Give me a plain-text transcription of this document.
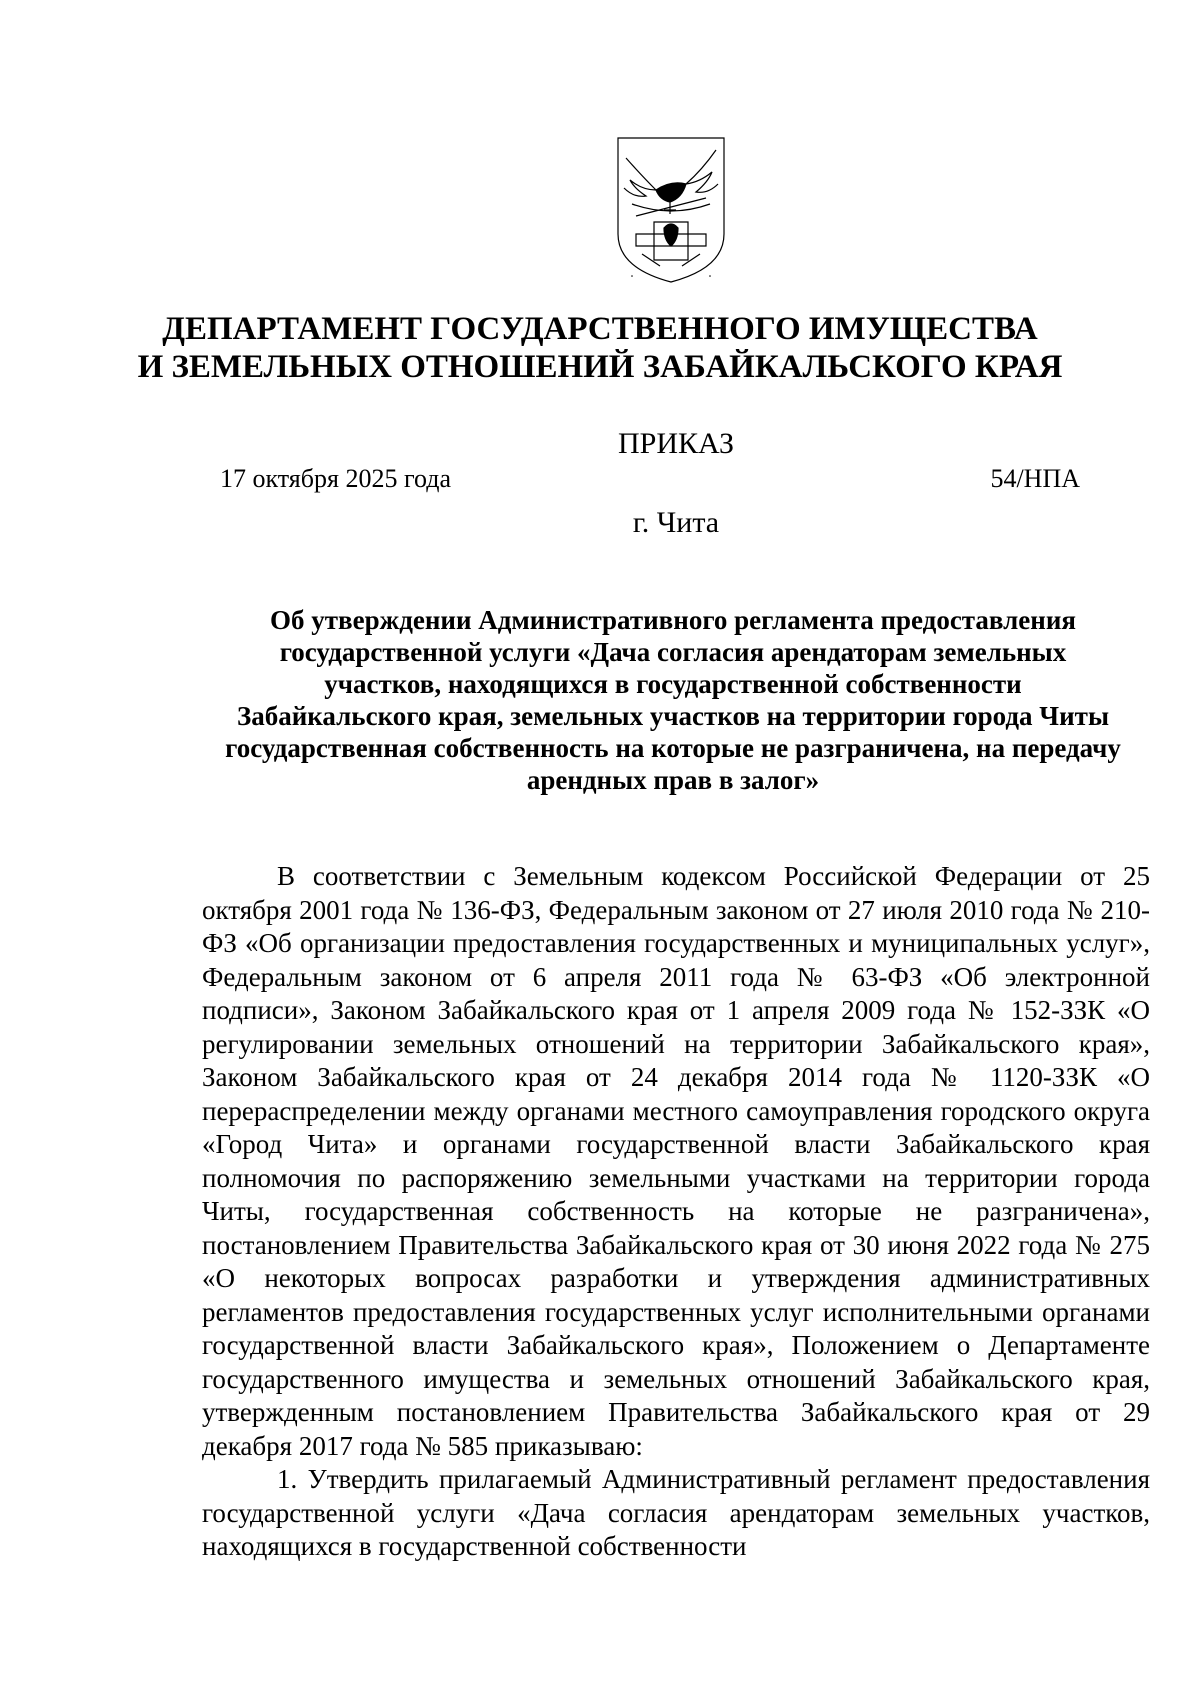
ДЕПАРТАМЕНТ ГОСУДАРСТВЕННОГО ИМУЩЕСТВА
И ЗЕМЕЛЬНЫХ ОТНОШЕНИЙ ЗАБАЙКАЛЬСКОГО КРАЯ
ПРИКАЗ
17 октября 2025 года	54/НПА
г. Чита
Об утверждении Административного регламента предоставления
государственной услуги «Дача согласия арендаторам земельных
участков, находящихся в государственной собственности
Забайкальского края, земельных участков на территории города Читы
государственная собственность на которые не разграничена, на передачу
арендных прав в залог»

В соответствии с Земельным кодексом Российской Федерации от 25 октября 2001 года № 136-ФЗ, Федеральным законом от 27 июля 2010 года № 210-ФЗ «Об организации предоставления государственных и муниципальных услуг», Федеральным законом от 6 апреля 2011 года № 63-ФЗ «Об электронной подписи», Законом Забайкальского края от 1 апреля 2009 года № 152-ЗЗК «О регулировании земельных отношений на территории Забайкальского края», Законом Забайкальского края от 24 декабря 2014 года № 1120-ЗЗК «О перераспределении между органами местного самоуправления городского округа «Город Чита» и органами государственной власти Забайкальского края полномочия по распоряжению земельными участками на территории города Читы, государственная собственность на которые не разграничена», постановлением Правительства Забайкальского края от 30 июня 2022 года № 275 «О некоторых вопросах разработки и утверждения административных регламентов предоставления государственных услуг исполнительными органами государственной власти Забайкальского края», Положением о Департаменте государственного имущества и земельных отношений Забайкальского края, утвержденным постановлением Правительства Забайкальского края от 29 декабря 2017 года № 585 приказываю:

1. Утвердить прилагаемый Административный регламент предоставления государственной услуги «Дача согласия арендаторам земельных участков, находящихся в государственной собственности
